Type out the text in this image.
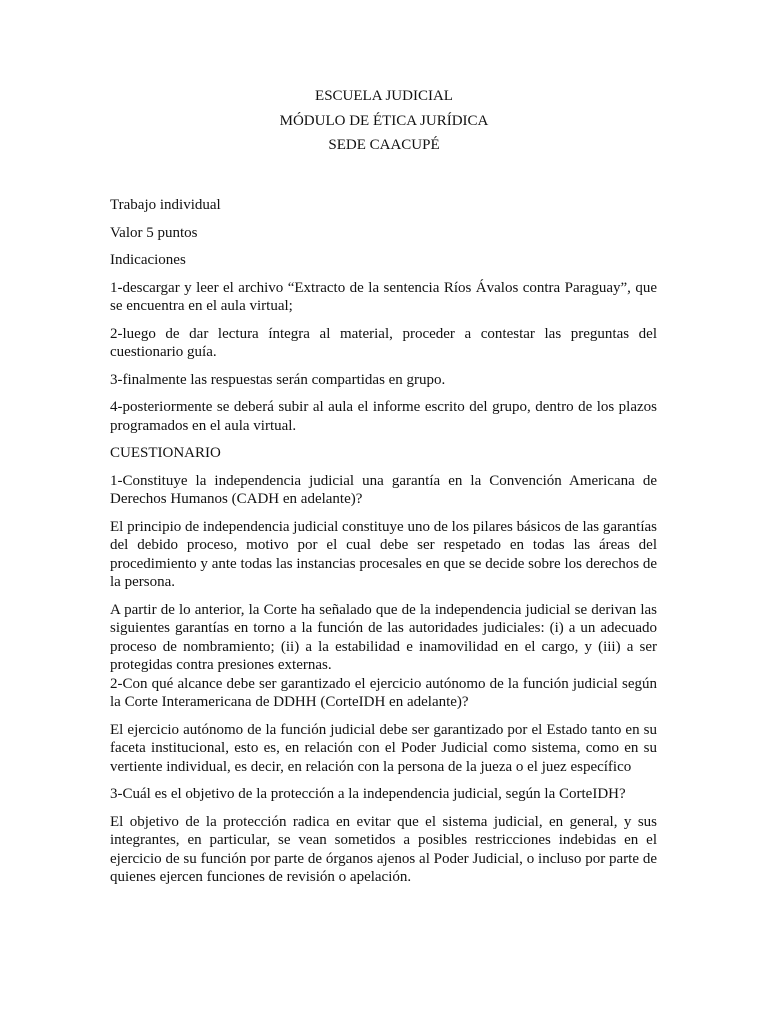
ESCUELA JUDICIAL
MÓDULO DE ÉTICA JURÍDICA
SEDE CAACUPÉ

Trabajo individual

Valor 5 puntos

Indicaciones

1-descargar y leer el archivo “Extracto de la sentencia Ríos Ávalos contra Paraguay”, que se encuentra en el aula virtual;

2-luego de dar lectura íntegra al material, proceder a contestar las preguntas del cuestionario guía.

3-finalmente las respuestas serán compartidas en grupo.

4-posteriormente se deberá subir al aula el informe escrito del grupo, dentro de los plazos programados en el aula virtual.

CUESTIONARIO

1-Constituye la independencia judicial una garantía en la Convención Americana de Derechos Humanos (CADH en adelante)?

El principio de independencia judicial constituye uno de los pilares básicos de las garantías del debido proceso, motivo por el cual debe ser respetado en todas las áreas del procedimiento y ante todas las instancias procesales en que se decide sobre los derechos de la persona.

A partir de lo anterior, la Corte ha señalado que de la independencia judicial se derivan las siguientes garantías en torno a la función de las autoridades judiciales: (i) a un adecuado proceso de nombramiento; (ii) a la estabilidad e inamovilidad en el cargo, y (iii) a ser protegidas contra presiones externas.

2-Con qué alcance debe ser garantizado el ejercicio autónomo de la función judicial según la Corte Interamericana de DDHH (CorteIDH en adelante)?

El ejercicio autónomo de la función judicial debe ser garantizado por el Estado tanto en su faceta institucional, esto es, en relación con el Poder Judicial como sistema, como en su vertiente individual, es decir, en relación con la persona de la jueza o el juez específico

3-Cuál es el objetivo de la protección a la independencia judicial, según la CorteIDH?

El objetivo de la protección radica en evitar que el sistema judicial, en general, y sus integrantes, en particular, se vean sometidos a posibles restricciones indebidas en el ejercicio de su función por parte de órganos ajenos al Poder Judicial, o incluso por parte de quienes ejercen funciones de revisión o apelación.
